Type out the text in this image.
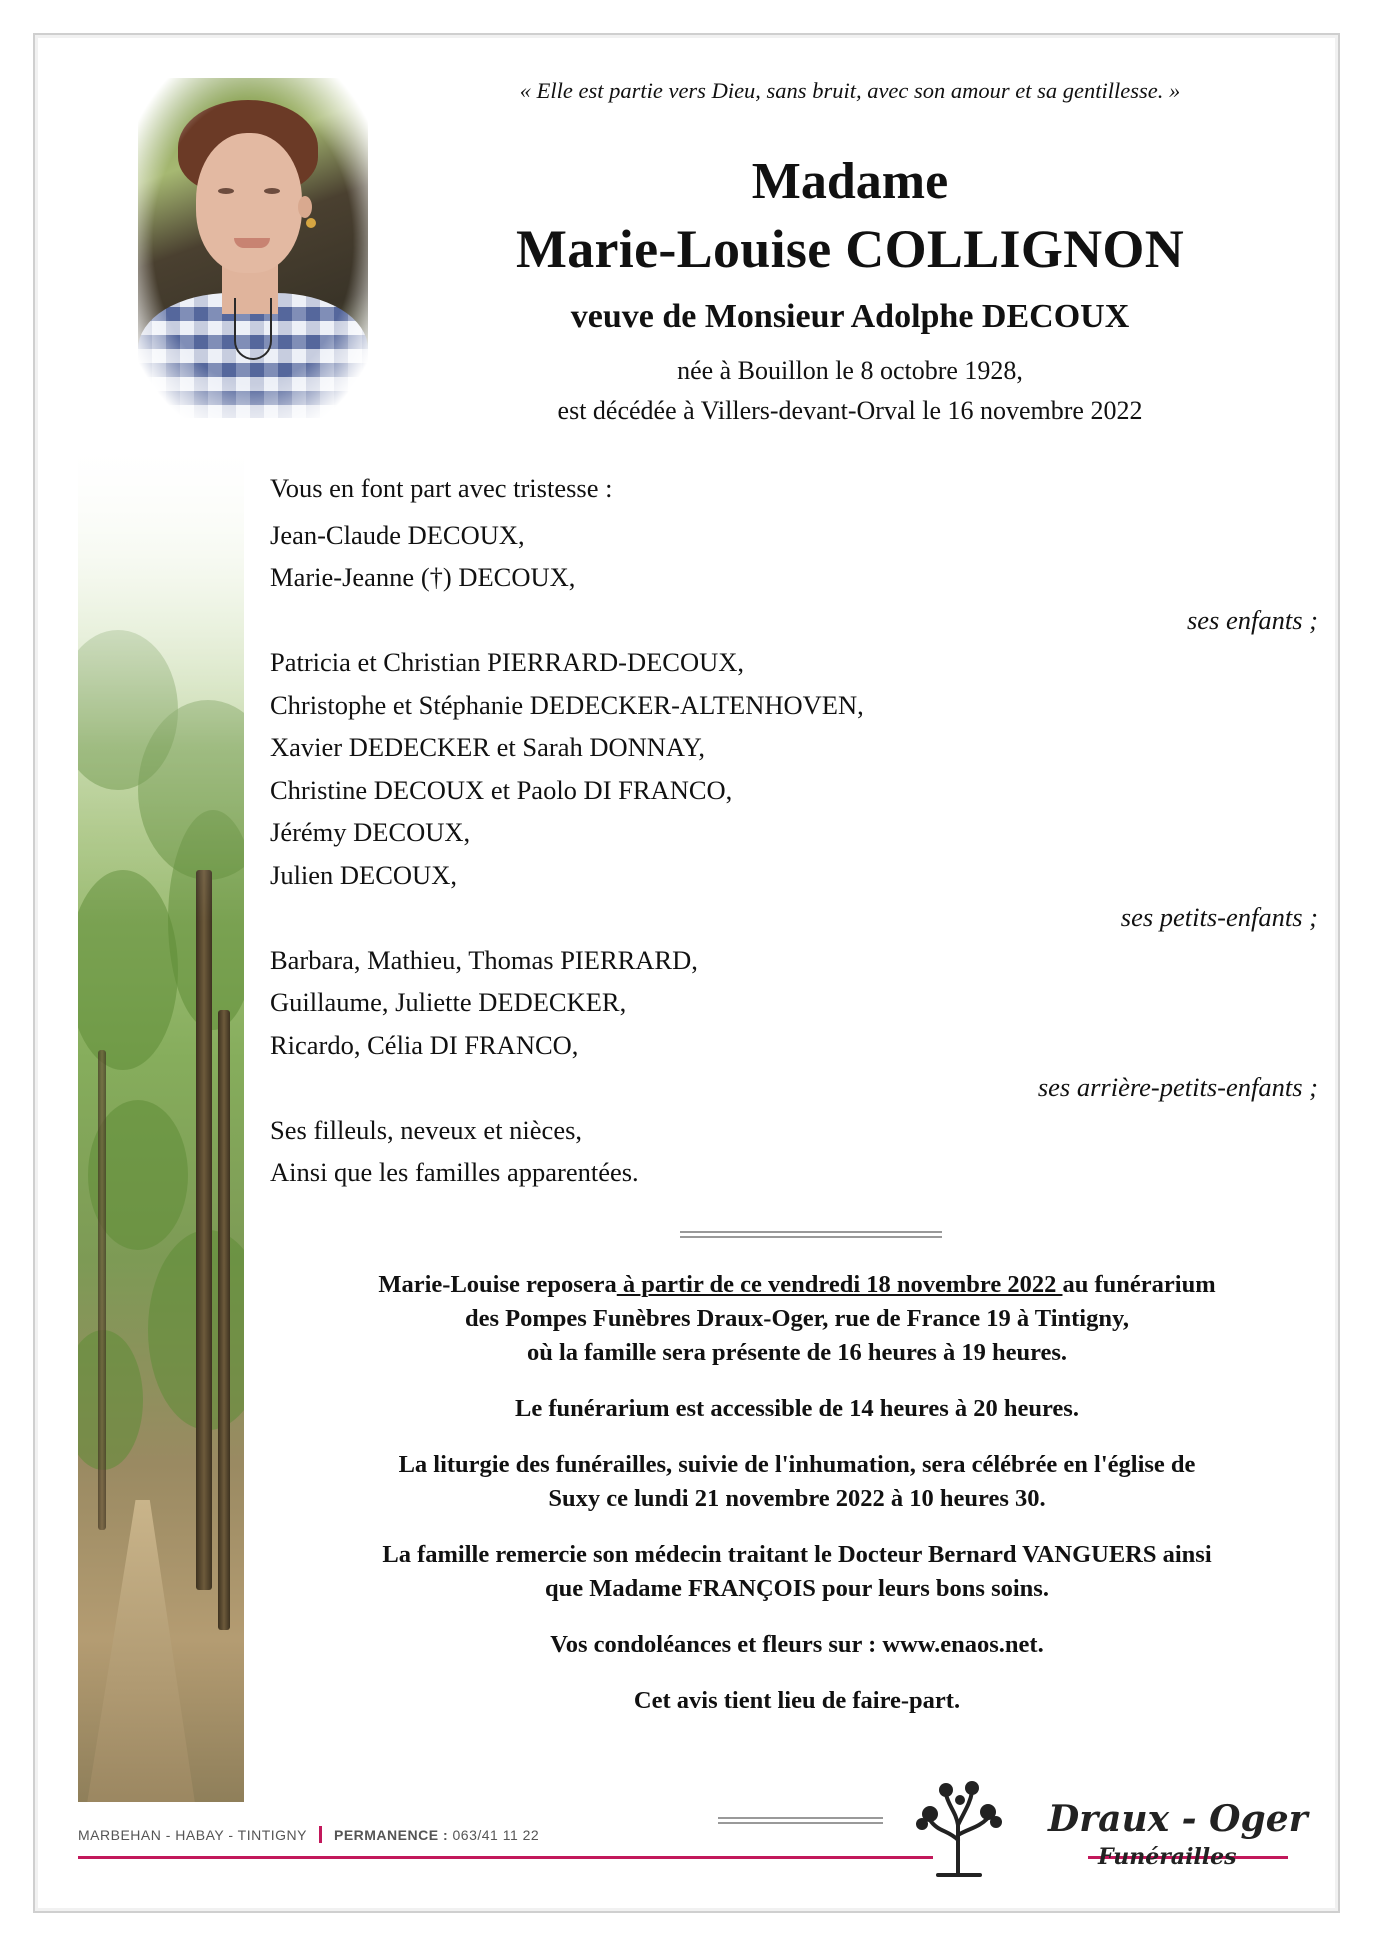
« Elle est partie vers Dieu, sans bruit, avec son amour et sa gentillesse. »
Madame
Marie-Louise COLLIGNON
veuve de Monsieur Adolphe DECOUX
née à Bouillon le 8 octobre 1928,
est décédée à Villers-devant-Orval le 16 novembre 2022
Vous en font part avec tristesse :
Jean-Claude DECOUX,
Marie-Jeanne (†) DECOUX,
ses enfants ;
Patricia et Christian PIERRARD-DECOUX,
Christophe et Stéphanie DEDECKER-ALTENHOVEN,
Xavier DEDECKER et Sarah DONNAY,
Christine DECOUX et Paolo DI FRANCO,
Jérémy DECOUX,
Julien DECOUX,
ses petits-enfants ;
Barbara, Mathieu, Thomas PIERRARD,
Guillaume, Juliette DEDECKER,
Ricardo, Célia DI FRANCO,
ses arrière-petits-enfants ;
Ses filleuls, neveux et nièces,
Ainsi que les familles apparentées.

Marie-Louise reposera à partir de ce vendredi 18 novembre 2022 au funérarium
des Pompes Funèbres Draux-Oger, rue de France 19 à Tintigny,
où la famille sera présente de 16 heures à 19 heures.

Le funérarium est accessible de 14 heures à 20 heures.

La liturgie des funérailles, suivie de l'inhumation, sera célébrée en l'église de
Suxy ce lundi 21 novembre 2022 à 10 heures 30.

La famille remercie son médecin traitant le Docteur Bernard VANGUERS ainsi
que Madame FRANÇOIS pour leurs bons soins.

Vos condoléances et fleurs sur : www.enaos.net.

Cet avis tient lieu de faire-part.

MARBEHAN - HABAY - TINTIGNY PERMANENCE : 063/41 11 22	Draux - Oger
Funérailles
